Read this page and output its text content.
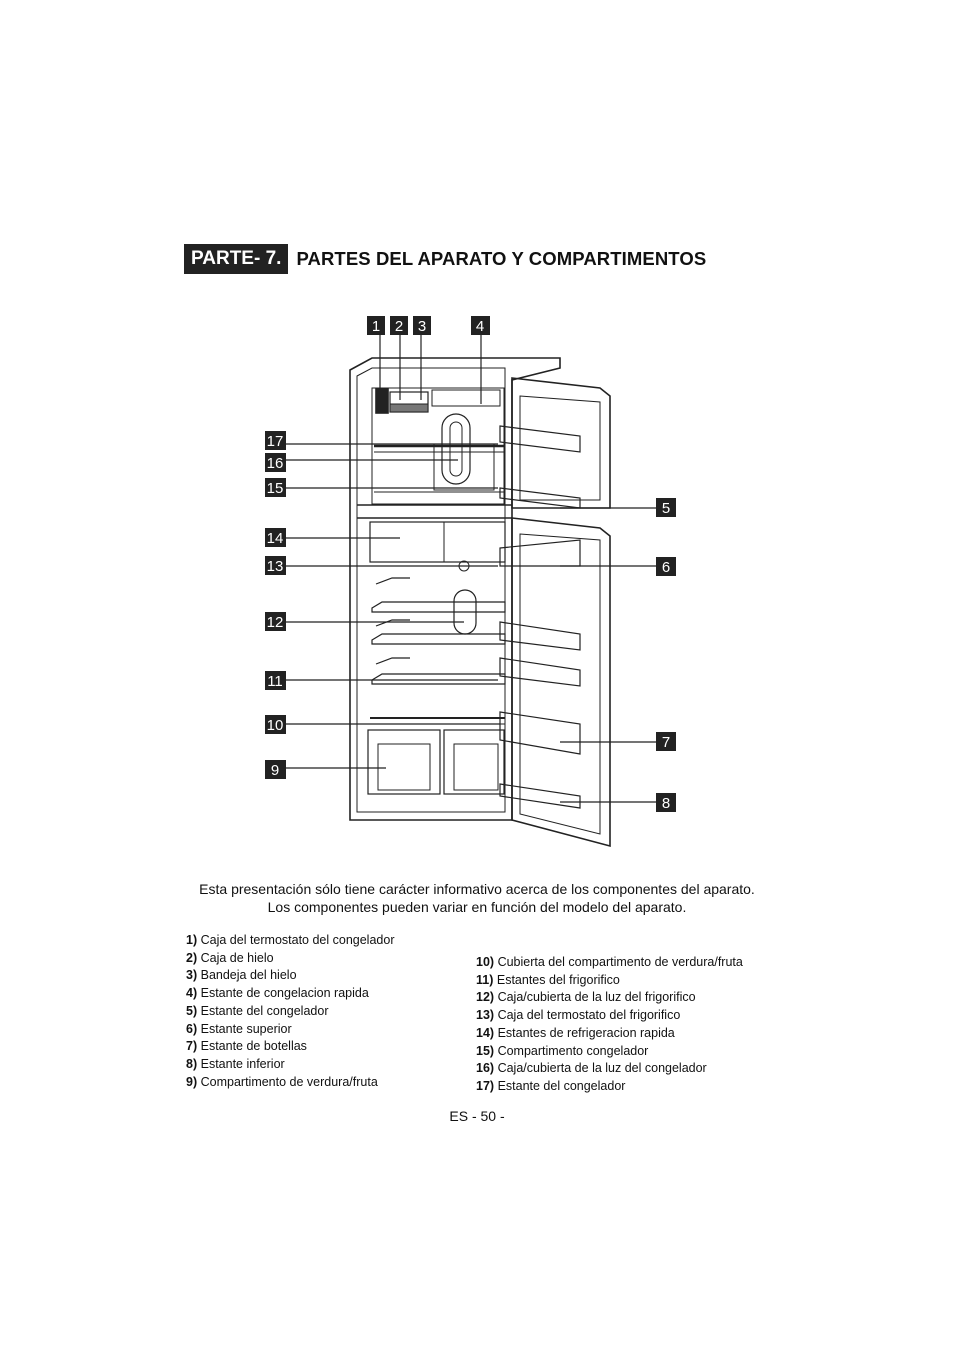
PARTE- 7. PARTES DEL APARATO Y COMPARTIMENTOS
1 2 3	4
5
6
7
8
9
10
11
12
13
14
15
16
17
Esta presentación sólo tiene carácter informativo acerca de los componentes del aparato.
Los componentes pueden variar en función del modelo del aparato.
1) Caja del termostato del congelador
2) Caja de hielo
3) Bandeja del hielo
4) Estante de congelacion rapida
5) Estante del congelador
6) Estante superior
7) Estante de botellas
8) Estante inferior
9) Compartimento de verdura/fruta
10) Cubierta del compartimento de verdura/fruta
11) Estantes del frigorifico
12) Caja/cubierta de la luz del frigorifico
13) Caja del termostato del frigorifico
14) Estantes de refrigeracion rapida
15) Compartimento congelador
16) Caja/cubierta de la luz del congelador
17) Estante del congelador
ES - 50 -
